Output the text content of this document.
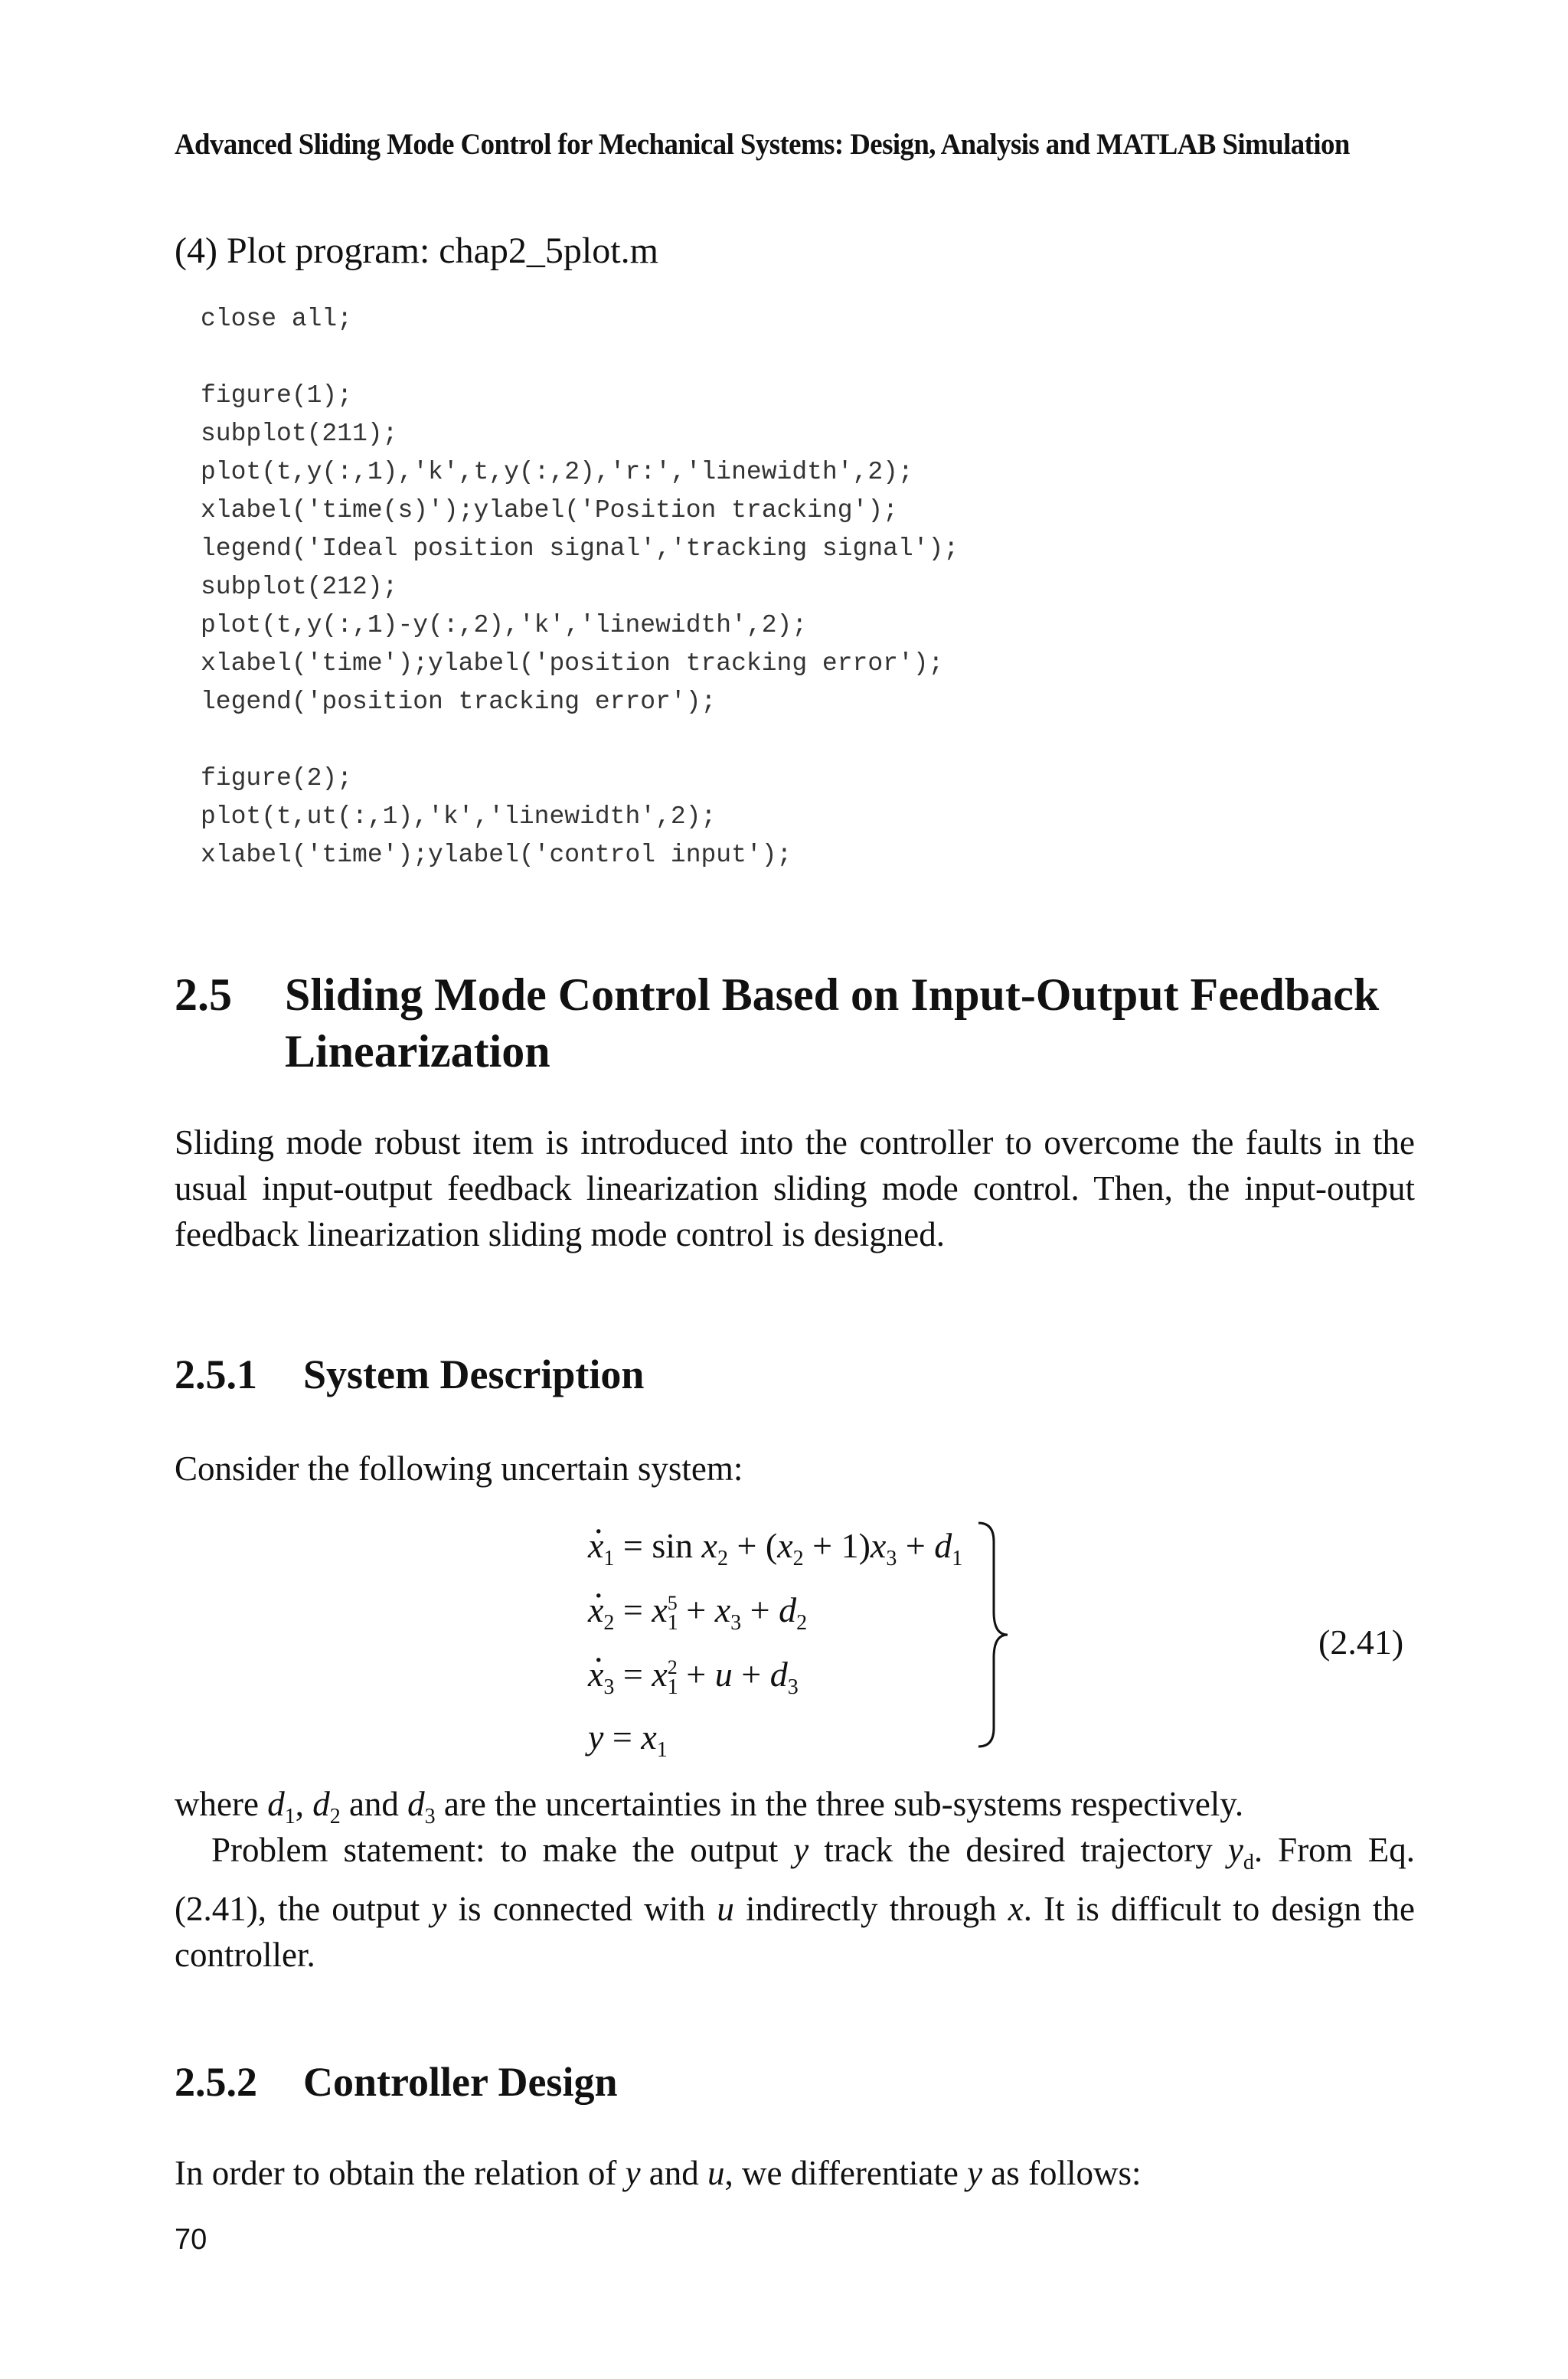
Advanced Sliding Mode Control for Mechanical Systems: Design, Analysis and MATLAB Simulation
(4) Plot program: chap2_5plot.m
close all;

figure(1);
subplot(211);
plot(t,y(:,1),'k',t,y(:,2),'r:','linewidth',2);
xlabel('time(s)');ylabel('Position tracking');
legend('Ideal position signal','tracking signal');
subplot(212);
plot(t,y(:,1)-y(:,2),'k','linewidth',2);
xlabel('time');ylabel('position tracking error');
legend('position tracking error');

figure(2);
plot(t,ut(:,1),'k','linewidth',2);
xlabel('time');ylabel('control input');
2.5 Sliding Mode Control Based on Input-Output Feedback Linearization
Sliding mode robust item is introduced into the controller to overcome the faults in the usual input-output feedback linearization sliding mode control. Then, the input-output feedback linearization sliding mode control is designed.
2.5.1 System Description
Consider the following uncertain system:
. $x_1 = \sin x_2 + (x_2 + 1)x_3 + d_1$
. $x_2 = x_1^5 + x_3 + d_2$
. $x_3 = x_1^2 + u + d_3$
$y = x_1$
(2.41)
where $d_1$, $d_2$ and $d_3$ are the uncertainties in the three sub-systems respectively.
Problem statement: to make the output y track the desired trajectory $y_d$. From Eq. (2.41), the output y is connected with u indirectly through x. It is difficult to design the controller.
2.5.2 Controller Design
In order to obtain the relation of y and u, we differentiate y as follows:
70
